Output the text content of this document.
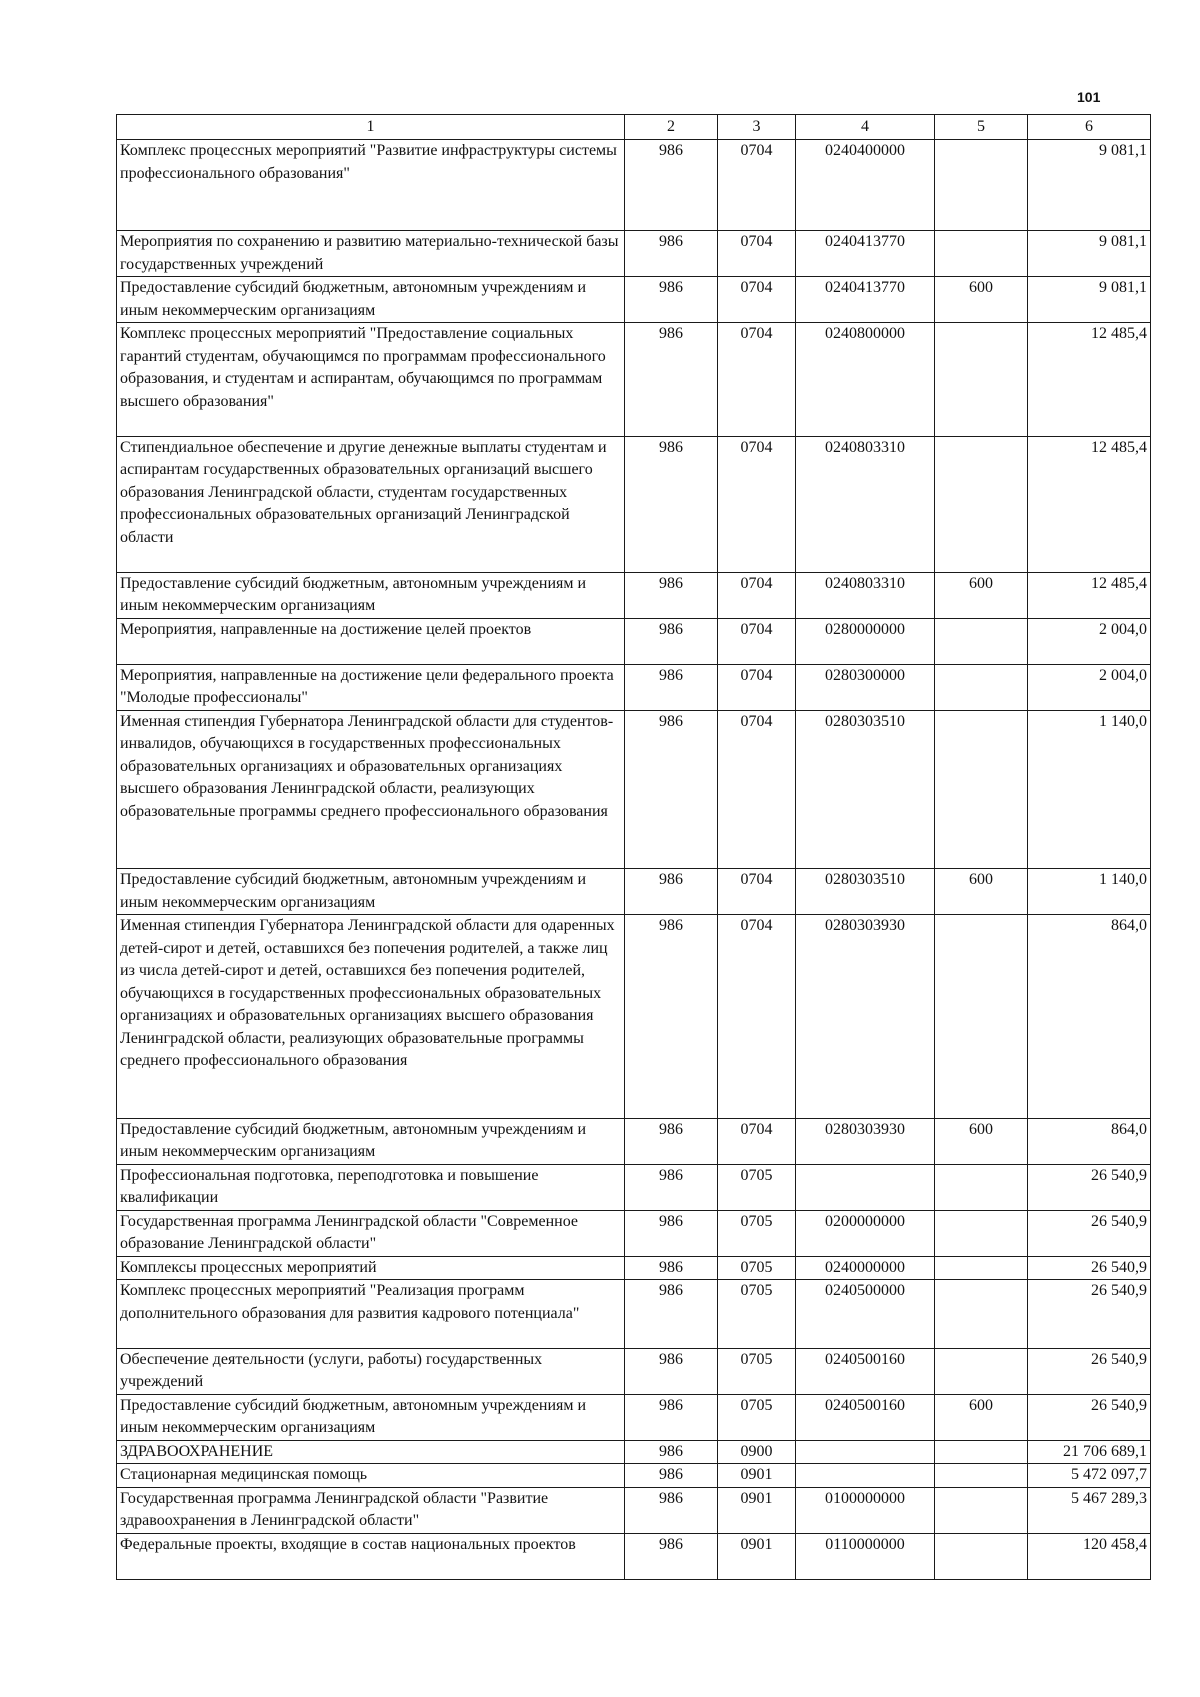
101
1	2	3	4	5	6
Комплекс процессных мероприятий "Развитие инфраструктуры системы профессионального образования"	986	0704	0240400000		9 081,1
Мероприятия по сохранению и развитию материально-технической базы государственных учреждений	986	0704	0240413770		9 081,1
Предоставление субсидий бюджетным, автономным учреждениям и иным некоммерческим организациям	986	0704	0240413770	600	9 081,1
Комплекс процессных мероприятий "Предоставление социальных гарантий студентам, обучающимся по программам профессионального образования, и студентам и аспирантам, обучающимся по программам высшего образования"	986	0704	0240800000		12 485,4
Стипендиальное обеспечение и другие денежные выплаты студентам и аспирантам государственных образовательных организаций высшего образования Ленинградской области, студентам государственных профессиональных образовательных организаций Ленинградской области	986	0704	0240803310		12 485,4
Предоставление субсидий бюджетным, автономным учреждениям и иным некоммерческим организациям	986	0704	0240803310	600	12 485,4
Мероприятия, направленные на достижение целей проектов	986	0704	0280000000		2 004,0
Мероприятия, направленные на достижение цели федерального проекта "Молодые профессионалы"	986	0704	0280300000		2 004,0
Именная стипендия Губернатора Ленинградской области для студентов-инвалидов, обучающихся в государственных профессиональных образовательных организациях и образовательных организациях высшего образования Ленинградской области, реализующих образовательные программы среднего профессионального образования	986	0704	0280303510		1 140,0
Предоставление субсидий бюджетным, автономным учреждениям и иным некоммерческим организациям	986	0704	0280303510	600	1 140,0
Именная стипендия Губернатора Ленинградской области для одаренных детей-сирот и детей, оставшихся без попечения родителей, а также лиц из числа детей-сирот и детей, оставшихся без попечения родителей, обучающихся в государственных профессиональных образовательных организациях и образовательных организациях высшего образования Ленинградской области, реализующих образовательные программы среднего профессионального образования	986	0704	0280303930		864,0
Предоставление субсидий бюджетным, автономным учреждениям и иным некоммерческим организациям	986	0704	0280303930	600	864,0
Профессиональная подготовка, переподготовка и повышение квалификации	986	0705			26 540,9
Государственная программа Ленинградской области "Современное образование Ленинградской области"	986	0705	0200000000		26 540,9
Комплексы процессных мероприятий	986	0705	0240000000		26 540,9
Комплекс процессных мероприятий "Реализация программ дополнительного образования для развития кадрового потенциала"	986	0705	0240500000		26 540,9
Обеспечение деятельности (услуги, работы) государственных учреждений	986	0705	0240500160		26 540,9
Предоставление субсидий бюджетным, автономным учреждениям и иным некоммерческим организациям	986	0705	0240500160	600	26 540,9
ЗДРАВООХРАНЕНИЕ	986	0900			21 706 689,1
Стационарная медицинская помощь	986	0901			5 472 097,7
Государственная программа Ленинградской области "Развитие здравоохранения в Ленинградской области"	986	0901	0100000000		5 467 289,3
Федеральные проекты, входящие в состав национальных проектов	986	0901	0110000000		120 458,4
